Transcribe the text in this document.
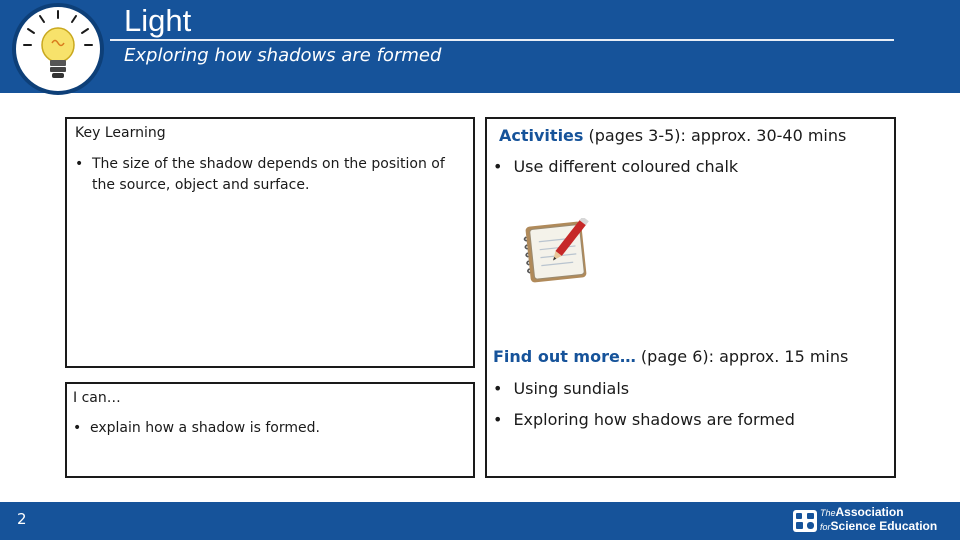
Light
Exploring how shadows are formed
Key Learning
• The size of the shadow depends on the position of the source, object and surface.
I can…
• explain how a shadow is formed.
Activities (pages 3-5): approx. 30-40 mins
• Use different coloured chalk
Find out more… (page 6): approx. 15 mins
• Using sundials
• Exploring how shadows are formed
2	TheAssociation
forScience Education
